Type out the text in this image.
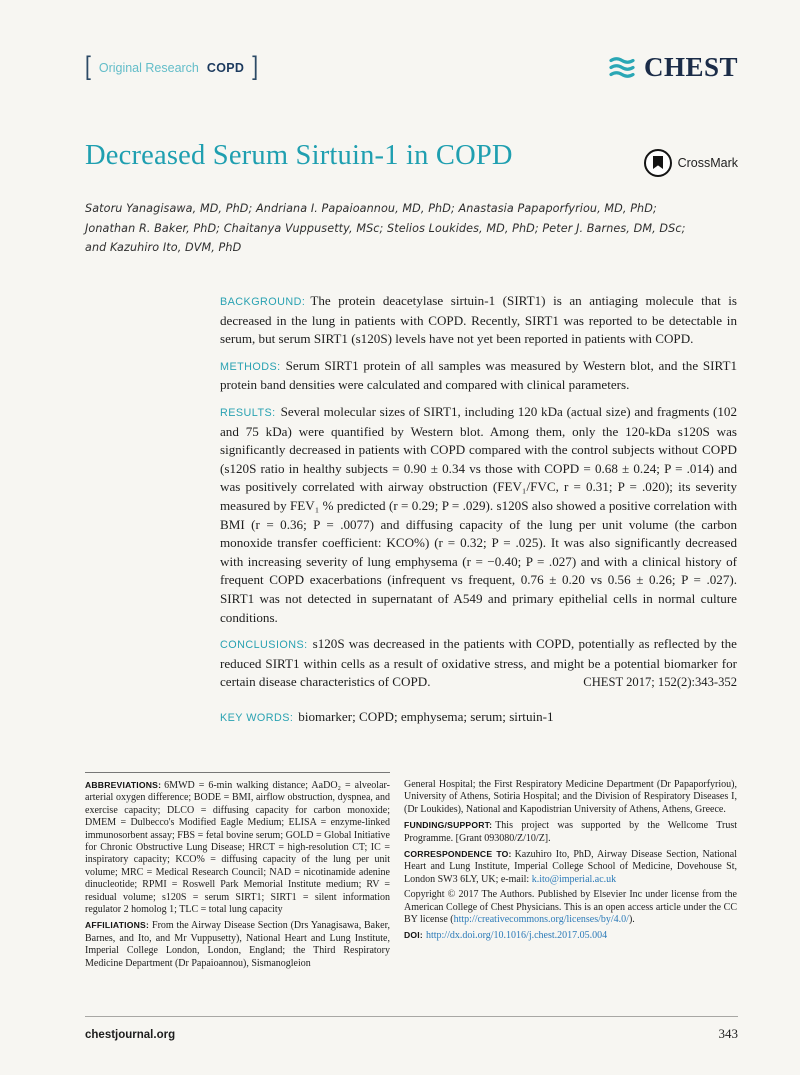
[ Original Research COPD ]	CHEST
Decreased Serum Sirtuin-1 in COPD	CrossMark
Satoru Yanagisawa, MD, PhD; Andriana I. Papaioannou, MD, PhD; Anastasia Papaporfyriou, MD, PhD;
Jonathan R. Baker, PhD; Chaitanya Vuppusetty, MSc; Stelios Loukides, MD, PhD; Peter J. Barnes, DM, DSc;
and Kazuhiro Ito, DVM, PhD

BACKGROUND: The protein deacetylase sirtuin-1 (SIRT1) is an antiaging molecule that is decreased in the lung in patients with COPD. Recently, SIRT1 was reported to be detectable in serum, but serum SIRT1 (s120S) levels have not yet been reported in patients with COPD.

METHODS: Serum SIRT1 protein of all samples was measured by Western blot, and the SIRT1 protein band densities were calculated and compared with clinical parameters.

RESULTS: Several molecular sizes of SIRT1, including 120 kDa (actual size) and fragments (102 and 75 kDa) were quantified by Western blot. Among them, only the 120-kDa s120S was significantly decreased in patients with COPD compared with the control subjects without COPD (s120S ratio in healthy subjects = 0.90 ± 0.34 vs those with COPD = 0.68 ± 0.24; P = .014) and was positively correlated with airway obstruction (FEV₁/FVC, r = 0.31; P = .020); its severity measured by FEV₁ % predicted (r = 0.29; P = .029). s120S also showed a positive correlation with BMI (r = 0.36; P = .0077) and diffusing capacity of the lung per unit volume (the carbon monoxide transfer coefficient: KCO%) (r = 0.32; P = .025). It was also significantly decreased with increasing severity of lung emphysema (r = −0.40; P = .027) and with a clinical history of frequent COPD exacerbations (infrequent vs frequent, 0.76 ± 0.20 vs 0.56 ± 0.26; P = .027). SIRT1 was not detected in supernatant of A549 and primary epithelial cells in normal culture conditions.

CONCLUSIONS: s120S was decreased in the patients with COPD, potentially as reflected by the reduced SIRT1 within cells as a result of oxidative stress, and might be a potential biomarker for certain disease characteristics of COPD.	CHEST 2017; 152(2):343-352

KEY WORDS: biomarker; COPD; emphysema; serum; sirtuin-1

ABBREVIATIONS: 6MWD = 6-min walking distance; AaDO₂ = alveolar-arterial oxygen difference; BODE = BMI, airflow obstruction, dyspnea, and exercise capacity; DLCO = diffusing capacity for carbon monoxide; DMEM = Dulbecco's Modified Eagle Medium; ELISA = enzyme-linked immunosorbent assay; FBS = fetal bovine serum; GOLD = Global Initiative for Chronic Obstructive Lung Disease; HRCT = high-resolution CT; IC = inspiratory capacity; KCO% = diffusing capacity of the lung per unit volume; MRC = Medical Research Council; NAD = nicotinamide adenine dinucleotide; RPMI = Roswell Park Memorial Institute medium; RV = residual volume; s120S = serum SIRT1; SIRT1 = silent information regulator 2 homolog 1; TLC = total lung capacity

AFFILIATIONS: From the Airway Disease Section (Drs Yanagisawa, Baker, Barnes, and Ito, and Mr Vuppusetty), National Heart and Lung Institute, Imperial College London, London, England; the Third Respiratory Medicine Department (Dr Papaioannou), Sismanogleion

General Hospital; the First Respiratory Medicine Department (Dr Papaporfyriou), University of Athens, Sotiria Hospital; and the Division of Respiratory Diseases I, (Dr Loukides), National and Kapodistrian University of Athens, Athens, Greece.

FUNDING/SUPPORT: This project was supported by the Wellcome Trust Programme. [Grant 093080/Z/10/Z].

CORRESPONDENCE TO: Kazuhiro Ito, PhD, Airway Disease Section, National Heart and Lung Institute, Imperial College School of Medicine, Dovehouse St, London SW3 6LY, UK; e-mail: k.ito@imperial.ac.uk

Copyright © 2017 The Authors. Published by Elsevier Inc under license from the American College of Chest Physicians. This is an open access article under the CC BY license (http://creativecommons.org/licenses/by/4.0/).

DOI: http://dx.doi.org/10.1016/j.chest.2017.05.004

chestjournal.org	343
